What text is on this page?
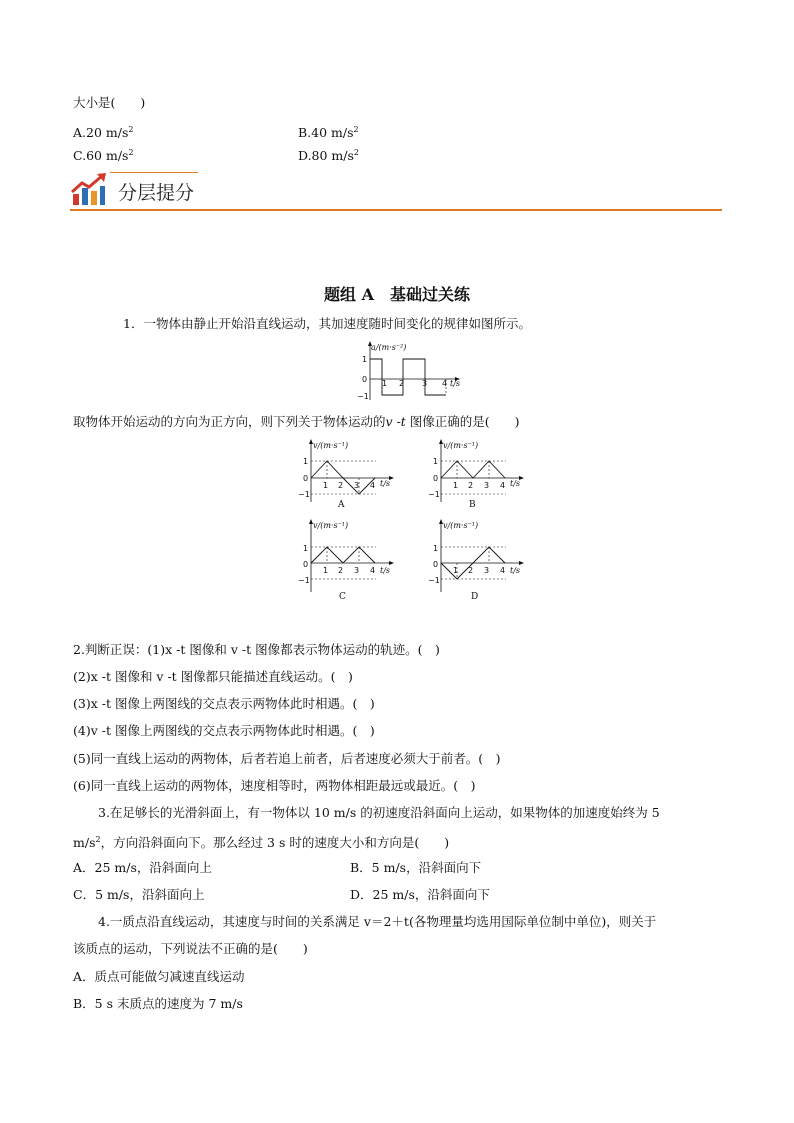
大小是(　　)
A.20 $m/s^2$	B.40 $m/s^2$
C.60 $m/s^2$	D.80 $m/s^2$
分层提分
题组 A　基础过关练
1．一物体由静止开始沿直线运动，其加速度随时间变化的规律如图所示。
a/(m·s⁻²)
t/s
1
0
−1
1 2 3 4
取物体开始运动的方向为正方向，则下列关于物体运动的v -t 图像正确的是(　　)
v/(m·s⁻¹)
t/s
1
0
−1
1 2 3 4
A
v/(m·s⁻¹)
t/s
1
0
−1
1 2 3 4
B
v/(m·s⁻¹)
t/s
1
0
−1
1 2 3 4
C
v/(m·s⁻¹)
t/s
1
0
−1
1 2 3 4
D
2.判断正误：(1)x -t 图像和 v -t 图像都表示物体运动的轨迹。(　)
(2)x -t 图像和 v -t 图像都只能描述直线运动。(　)
(3)x -t 图像上两图线的交点表示两物体此时相遇。(　)
(4)v -t 图像上两图线的交点表示两物体此时相遇。(　)
(5)同一直线上运动的两物体，后者若追上前者，后者速度必须大于前者。(　)
(6)同一直线上运动的两物体，速度相等时，两物体相距最远或最近。(　)
3.在足够长的光滑斜面上，有一物体以 10 m/s 的初速度沿斜面向上运动，如果物体的加速度始终为 5
$m/s^2$，方向沿斜面向下。那么经过 3 s 时的速度大小和方向是(　　)
A．25 m/s，沿斜面向上	B．5 m/s，沿斜面向下
C．5 m/s，沿斜面向上	D．25 m/s，沿斜面向下
4.一质点沿直线运动，其速度与时间的关系满足 v＝2＋t(各物理量均选用国际单位制中单位)，则关于
该质点的运动，下列说法不正确的是(　　)
A．质点可能做匀减速直线运动
B．5 s 末质点的速度为 7 m/s
